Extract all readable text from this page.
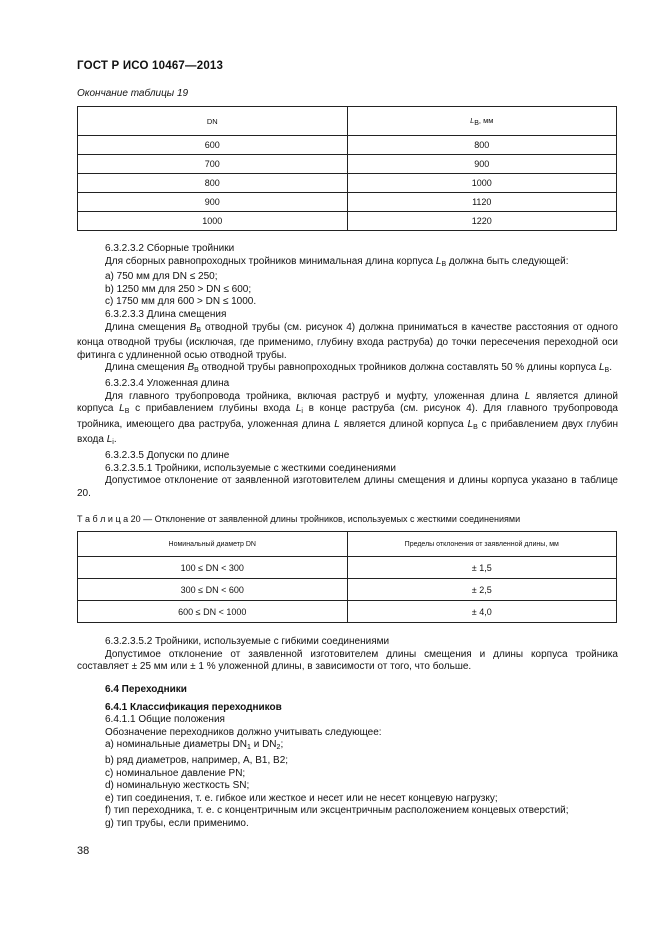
ГОСТ Р ИСО 10467—2013
Окончание таблицы 19
DN	$L_B$, мм
600	800
700	900
800	1000
900	1120
1000	1220

6.3.2.3.2 Сборные тройники

Для сборных равнопроходных тройников минимальная длина корпуса $L_B$ должна быть следующей:

a) 750 мм для DN ≤ 250;

b) 1250 мм для 250 > DN ≤ 600;

c) 1750 мм для 600 > DN ≤ 1000.

6.3.2.3.3 Длина смещения

Длина смещения $B_B$ отводной трубы (см. рисунок 4) должна приниматься в качестве расстояния от одного конца отводной трубы (исключая, где применимо, глубину входа раструба) до точки пересечения переходной оси фитинга с удлиненной осью отводной трубы.

Длина смещения $B_B$ отводной трубы равнопроходных тройников должна составлять 50 % длины корпуса $L_B$.

6.3.2.3.4 Уложенная длина

Для главного трубопровода тройника, включая раструб и муфту, уложенная длина L является длиной корпуса $L_B$ с прибавлением глубины входа $L_i$ в конце раструба (см. рисунок 4). Для главного трубопровода тройника, имеющего два раструба, уложенная длина L является длиной корпуса $L_B$ с прибавлением двух глубин входа $L_i$.

6.3.2.3.5 Допуски по длине

6.3.2.3.5.1 Тройники, используемые с жесткими соединениями

Допустимое отклонение от заявленной изготовителем длины смещения и длины корпуса указано в таблице 20.

Т а б л и ц а 20 — Отклонение от заявленной длины тройников, используемых с жесткими соединениями
Номинальный диаметр DN	Пределы отклонения от заявленной длины, мм
100 ≤ DN < 300	± 1,5
300 ≤ DN < 600	± 2,5
600 ≤ DN < 1000	± 4,0

6.3.2.3.5.2 Тройники, используемые с гибкими соединениями

Допустимое отклонение от заявленной изготовителем длины смещения и длины корпуса тройника составляет ± 25 мм или ± 1 % уложенной длины, в зависимости от того, что больше.

6.4 Переходники

6.4.1 Классификация переходников

6.4.1.1 Общие положения

Обозначение переходников должно учитывать следующее:

a) номинальные диаметры $DN_1$ и $DN_2$;

b) ряд диаметров, например, A, B1, B2;

c) номинальное давление PN;

d) номинальную жесткость SN;

e) тип соединения, т. е. гибкое или жесткое и несет или не несет концевую нагрузку;

f) тип переходника, т. е. с концентричным или эксцентричным расположением концевых отверстий;

g) тип трубы, если применимо.

38
